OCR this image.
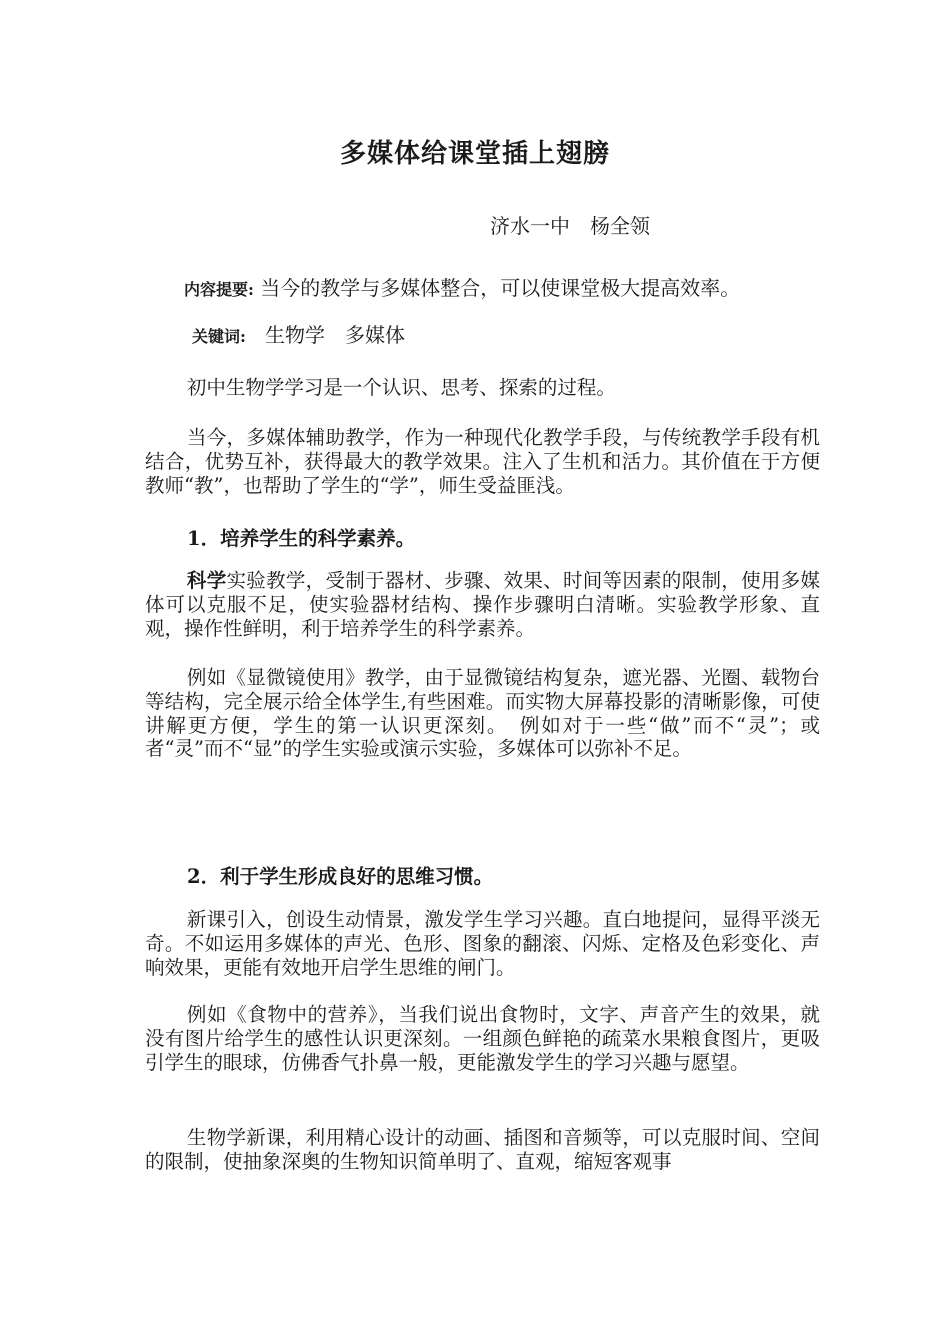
多媒体给课堂插上翅膀
济水一中　杨全领
内容提要: 当今的教学与多媒体整合，可以使课堂极大提高效率。
关键词:   生物学　多媒体

初中生物学学习是一个认识、思考、探索的过程。

当今，多媒体辅助教学，作为一种现代化教学手段，与传统教学手段有机结合，优势互补，获得最大的教学效果。注入了生机和活力。其价值在于方便教师“教”，也帮助了学生的“学”，师生受益匪浅。

1．培养学生的科学素养。

科学实验教学，受制于器材、步骤、效果、时间等因素的限制，使用多媒体可以克服不足，使实验器材结构、操作步骤明白清晰。实验教学形象、直观，操作性鲜明，利于培养学生的科学素养。

例如《显微镜使用》教学，由于显微镜结构复杂，遮光器、光圈、载物台等结构，完全展示给全体学生,有些困难。而实物大屏幕投影的清晰影像，可使讲解更方便，学生的第一认识更深刻。　例如对于一些“做”而不“灵”；或者“灵”而不“显”的学生实验或演示实验，多媒体可以弥补不足。

2．利于学生形成良好的思维习惯。

新课引入，创设生动情景，激发学生学习兴趣。直白地提问，显得平淡无奇。不如运用多媒体的声光、色形、图象的翻滚、闪烁、定格及色彩变化、声响效果，更能有效地开启学生思维的闸门。

例如《食物中的营养》，当我们说出食物时，文字、声音产生的效果，就没有图片给学生的感性认识更深刻。一组颜色鲜艳的疏菜水果粮食图片，更吸引学生的眼球，仿佛香气扑鼻一般，更能激发学生的学习兴趣与愿望。

生物学新课，利用精心设计的动画、插图和音频等，可以克服时间、空间的限制，使抽象深奥的生物知识简单明了、直观，缩短客观事
